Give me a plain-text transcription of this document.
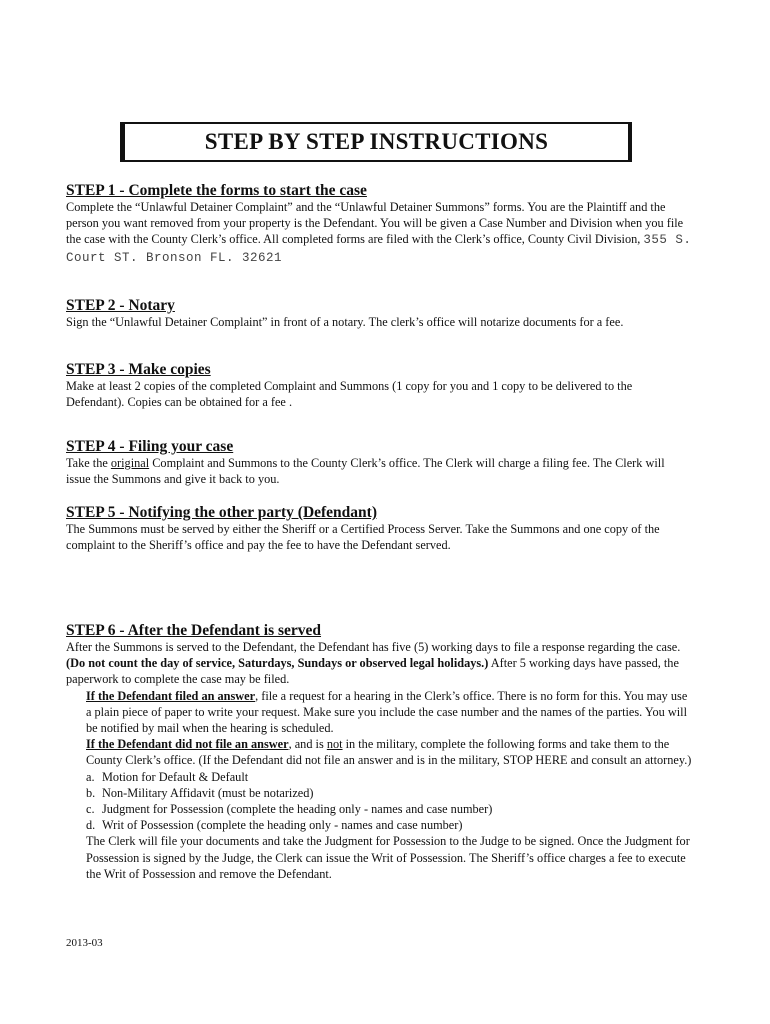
STEP BY STEP INSTRUCTIONS
STEP 1 - Complete the forms to start the case

Complete the “Unlawful Detainer Complaint” and the “Unlawful Detainer Summons” forms. You are the Plaintiff and the person you want removed from your property is the Defendant. You will be given a Case Number and Division when you file the case with the County Clerk’s office. All completed forms are filed with the Clerk’s office, County Civil Division, 355 S. Court ST. Bronson FL. 32621

STEP 2 - Notary

Sign the “Unlawful Detainer Complaint” in front of a notary. The clerk’s office will notarize documents for a fee.

STEP 3 - Make copies

Make at least 2 copies of the completed Complaint and Summons (1 copy for you and 1 copy to be delivered to the Defendant). Copies can be obtained for a fee .

STEP 4 - Filing your case

Take the original Complaint and Summons to the County Clerk’s office. The Clerk will charge a filing fee. The Clerk will issue the Summons and give it back to you.

STEP 5 - Notifying the other party (Defendant)

The Summons must be served by either the Sheriff or a Certified Process Server. Take the Summons and one copy of the complaint to the Sheriff’s office and pay the fee to have the Defendant served.

STEP 6 - After the Defendant is served

After the Summons is served to the Defendant, the Defendant has five (5) working days to file a response regarding the case. (Do not count the day of service, Saturdays, Sundays or observed legal holidays.) After 5 working days have passed, the paperwork to complete the case may be filed.

If the Defendant filed an answer, file a request for a hearing in the Clerk’s office. There is no form for this. You may use a plain piece of paper to write your request. Make sure you include the case number and the names of the parties. You will be notified by mail when the hearing is scheduled.

If the Defendant did not file an answer, and is not in the military, complete the following forms and take them to the County Clerk’s office. (If the Defendant did not file an answer and is in the military, STOP HERE and consult an attorney.)

a. Motion for Default & Default

b. Non-Military Affidavit (must be notarized)

c. Judgment for Possession (complete the heading only - names and case number)

d. Writ of Possession (complete the heading only - names and case number)

The Clerk will file your documents and take the Judgment for Possession to the Judge to be signed. Once the Judgment for Possession is signed by the Judge, the Clerk can issue the Writ of Possession. The Sheriff’s office charges a fee to execute the Writ of Possession and remove the Defendant.

2013-03
